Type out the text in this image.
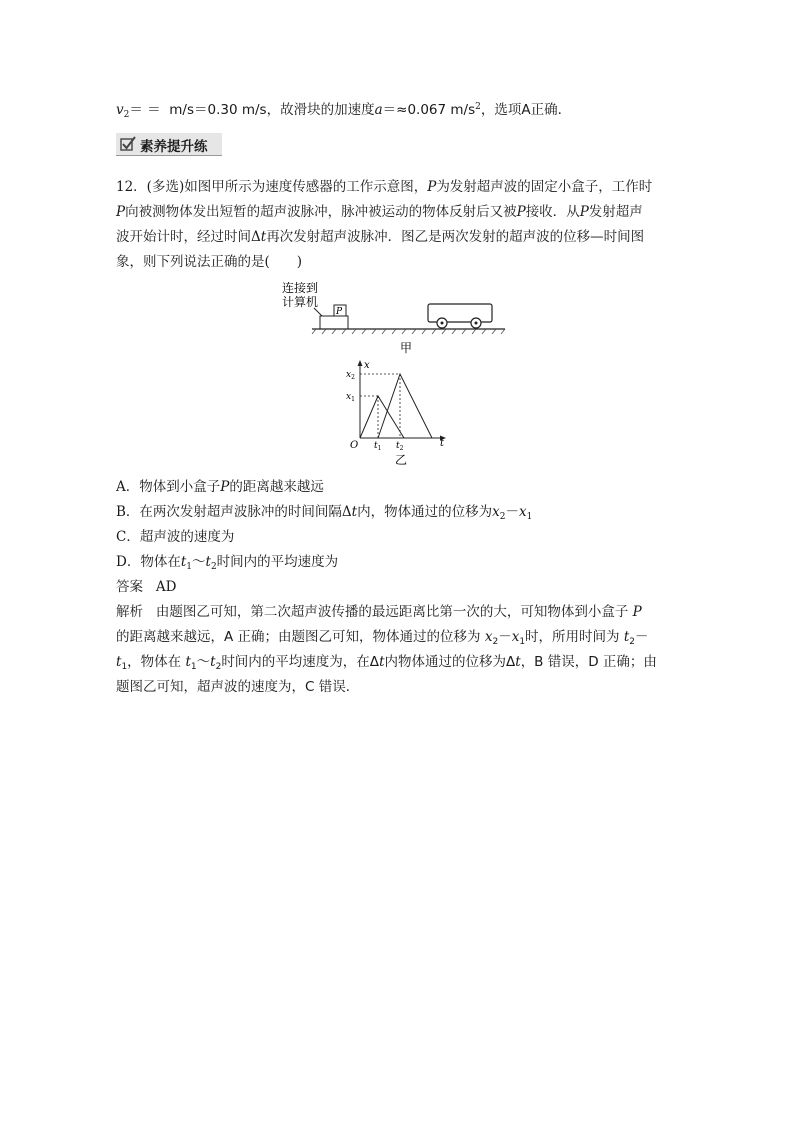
$v_2= = m/s=0.30$ m/s，故滑块的加速度a＝≈0.067 $m/s^2$，选项A正确．
素养提升练
12．(多选)如图甲所示为速度传感器的工作示意图，P为发射超声波的固定小盒子，工作时
P向被测物体发出短暂的超声波脉冲，脉冲被运动的物体反射后又被P接收．从P发射超声
波开始计时，经过时间Δt再次发射超声波脉冲．图乙是两次发射的超声波的位移—时间图
象，则下列说法正确的是(　　)
连接到
计算机
P
甲
x
t
O
$x_2$
$x_1$
$t_1$ $t_2$
乙
A．物体到小盒子P的距离越来越远
B．在两次发射超声波脉冲的时间间隔Δt内，物体通过的位移为$x_2-x_1$
C．超声波的速度为
D．物体在$t_1\sim t_2$时间内的平均速度为
答案 AD
解析 由题图乙可知，第二次超声波传播的最远距离比第一次的大，可知物体到小盒子 P
的距离越来越远，A 正确；由题图乙可知，物体通过的位移为 $x_2-x_1$时，所用时间为 $t_2-$
$t_1$，物体在 $t_1\sim t_2$时间内的平均速度为，在Δt内物体通过的位移为Δt，B 错误，D 正确；由
题图乙可知，超声波的速度为，C 错误．
